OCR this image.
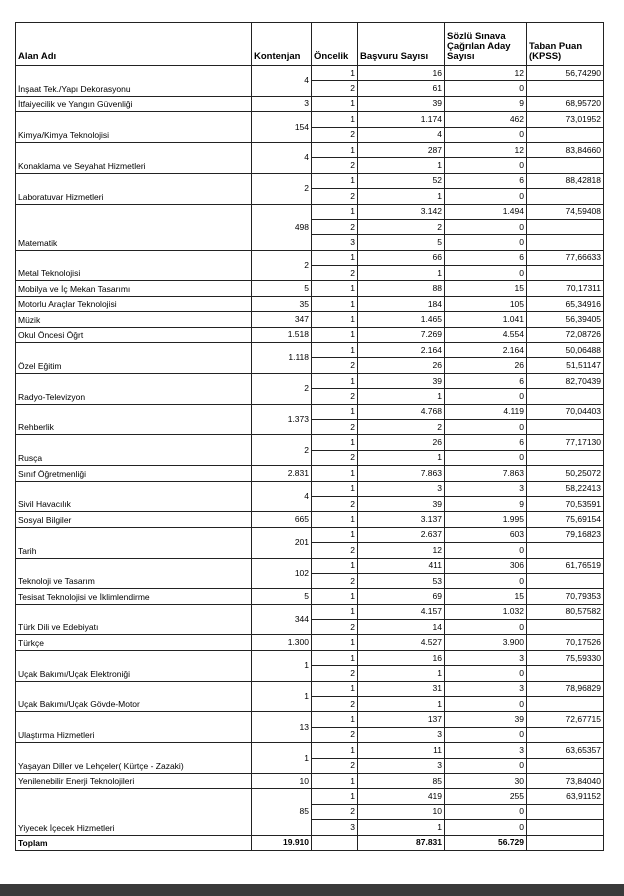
Alan Adı	Kontenjan	Öncelik	Başvuru Sayısı	Sözlü Sınava Çağrılan Aday Sayısı	Taban Puan (KPSS)
İnşaat Tek./Yapı Dekorasyonu	4	1	16	12	56,74290
		2	61	0	
İtfaiyecilik ve Yangın Güvenliği	3	1	39	9	68,95720
Kimya/Kimya Teknolojisi	154	1	1.174	462	73,01952
		2	4	0	
Konaklama ve Seyahat Hizmetleri	4	1	287	12	83,84660
		2	1	0	
Laboratuvar Hizmetleri	2	1	52	6	88,42818
		2	1	0	
Matematik	498	1	3.142	1.494	74,59408
		2	2	0	
		3	5	0	
Metal Teknolojisi	2	1	66	6	77,66633
		2	1	0	
Mobilya ve İç Mekan Tasarımı	5	1	88	15	70,17311
Motorlu Araçlar Teknolojisi	35	1	184	105	65,34916
Müzik	347	1	1.465	1.041	56,39405
Okul Öncesi Öğrt	1.518	1	7.269	4.554	72,08726
Özel Eğitim	1.118	1	2.164	2.164	50,06488
		2	26	26	51,51147
Radyo-Televizyon	2	1	39	6	82,70439
		2	1	0	
Rehberlik	1.373	1	4.768	4.119	70,04403
		2	2	0	
Rusça	2	1	26	6	77,17130
		2	1	0	
Sınıf Öğretmenliği	2.831	1	7.863	7.863	50,25072
Sivil Havacılık	4	1	3	3	58,22413
		2	39	9	70,53591
Sosyal Bilgiler	665	1	3.137	1.995	75,69154
Tarih	201	1	2.637	603	79,16823
		2	12	0	
Teknoloji ve Tasarım	102	1	411	306	61,76519
		2	53	0	
Tesisat Teknolojisi ve İklimlendirme	5	1	69	15	70,79353
Türk Dili ve Edebiyatı	344	1	4.157	1.032	80,57582
		2	14	0	
Türkçe	1.300	1	4.527	3.900	70,17526
Uçak Bakımı/Uçak Elektroniği	1	1	16	3	75,59330
		2	1	0	
Uçak Bakımı/Uçak Gövde-Motor	1	1	31	3	78,96829
		2	1	0	
Ulaştırma Hizmetleri	13	1	137	39	72,67715
		2	3	0	
Yaşayan Diller ve Lehçeler( Kürtçe - Zazaki)	1	1	11	3	63,65357
		2	3	0	
Yenilenebilir Enerji Teknolojileri	10	1	85	30	73,84040
Yiyecek İçecek Hizmetleri	85	1	419	255	63,91152
		2	10	0	
		3	1	0	
Toplam	19.910		87.831	56.729	
